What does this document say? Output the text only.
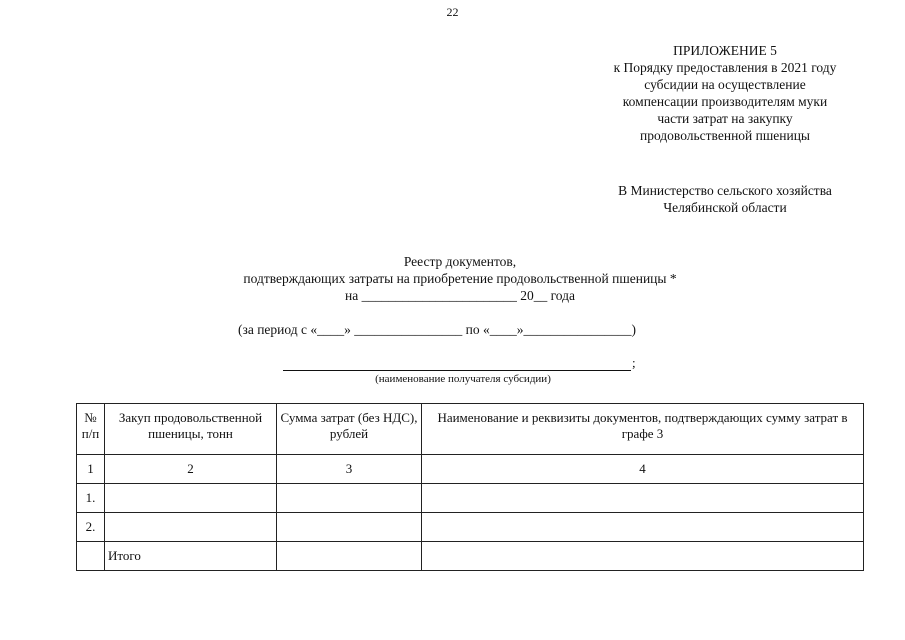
22
ПРИЛОЖЕНИЕ 5
к Порядку предоставления в 2021 году
субсидии на осуществление
компенсации производителям муки
части затрат на закупку
продовольственной пшеницы
В Министерство сельского хозяйства
Челябинской области
Реестр документов,
подтверждающих затраты на приобретение продовольственной пшеницы *
на _______________________ 20__ года
(за период с «____» ________________ по «____»________________)
;
(наименование получателя субсидии)
№ п/п	Закуп продовольственной пшеницы, тонн	Сумма затрат (без НДС), рублей	Наименование и реквизиты документов, подтверждающих сумму затрат в графе 3
1	2	3	4
1.			
2.			
	Итого		
